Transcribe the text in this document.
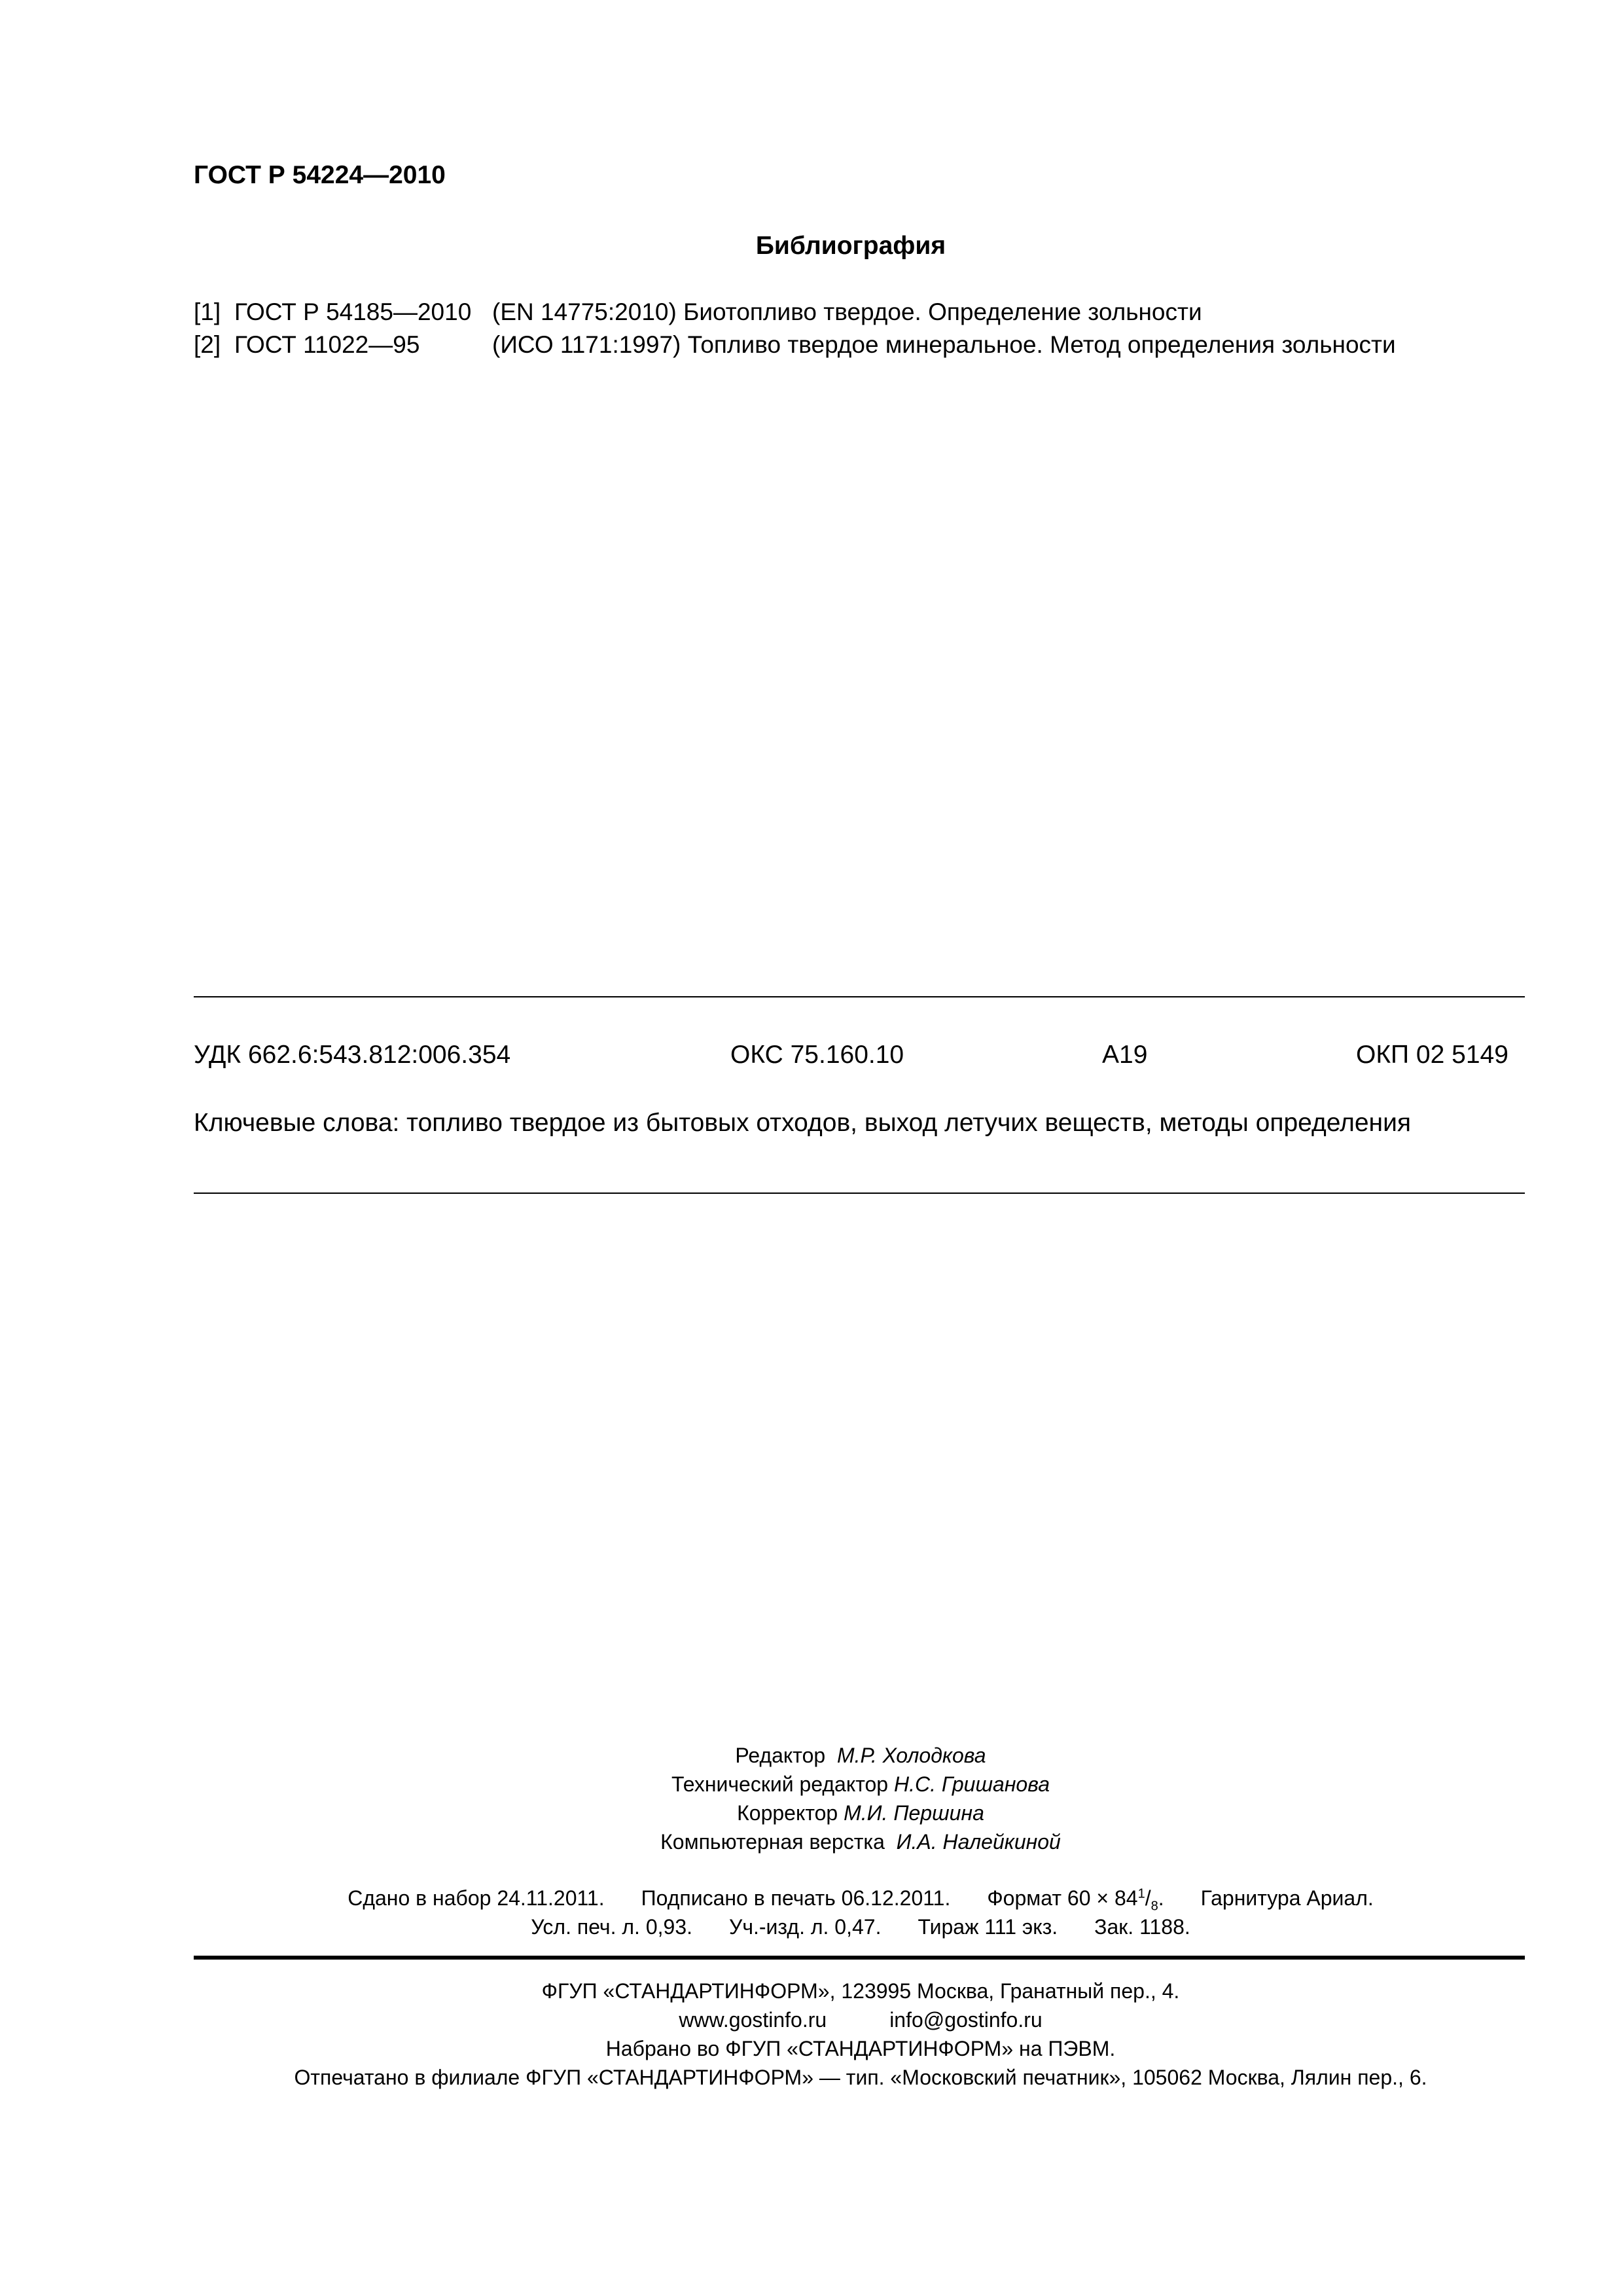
ГОСТ Р 54224—2010
Библиография
[1] ГОСТ Р 54185—2010 (EN 14775:2010) Биотопливо твердое. Определение зольности
[2] ГОСТ 11022—95	(ИСО 1171:1997) Топливо твердое минеральное. Метод определения зольности
УДК 662.6:543.812:006.354	ОКС 75.160.10	А19	ОКП 02 5149
Ключевые слова: топливо твердое из бытовых отходов, выход летучих веществ, методы определения
Редактор М.Р. Холодкова
Технический редактор Н.С. Гришанова
Корректор М.И. Першина
Компьютерная верстка И.А. Налейкиной
Сдано в набор 24.11.2011. Подписано в печать 06.12.2011. Формат $60 \times 84^1/_8$. Гарнитура Ариал.
Усл. печ. л. 0,93. Уч.-изд. л. 0,47. Тираж 111 экз. Зак. 1188.
ФГУП «СТАНДАРТИНФОРМ», 123995 Москва, Гранатный пер., 4.
www.gostinfo.ru	info@gostinfo.ru
Набрано во ФГУП «СТАНДАРТИНФОРМ» на ПЭВМ.
Отпечатано в филиале ФГУП «СТАНДАРТИНФОРМ» — тип. «Московский печатник», 105062 Москва, Лялин пер., 6.
